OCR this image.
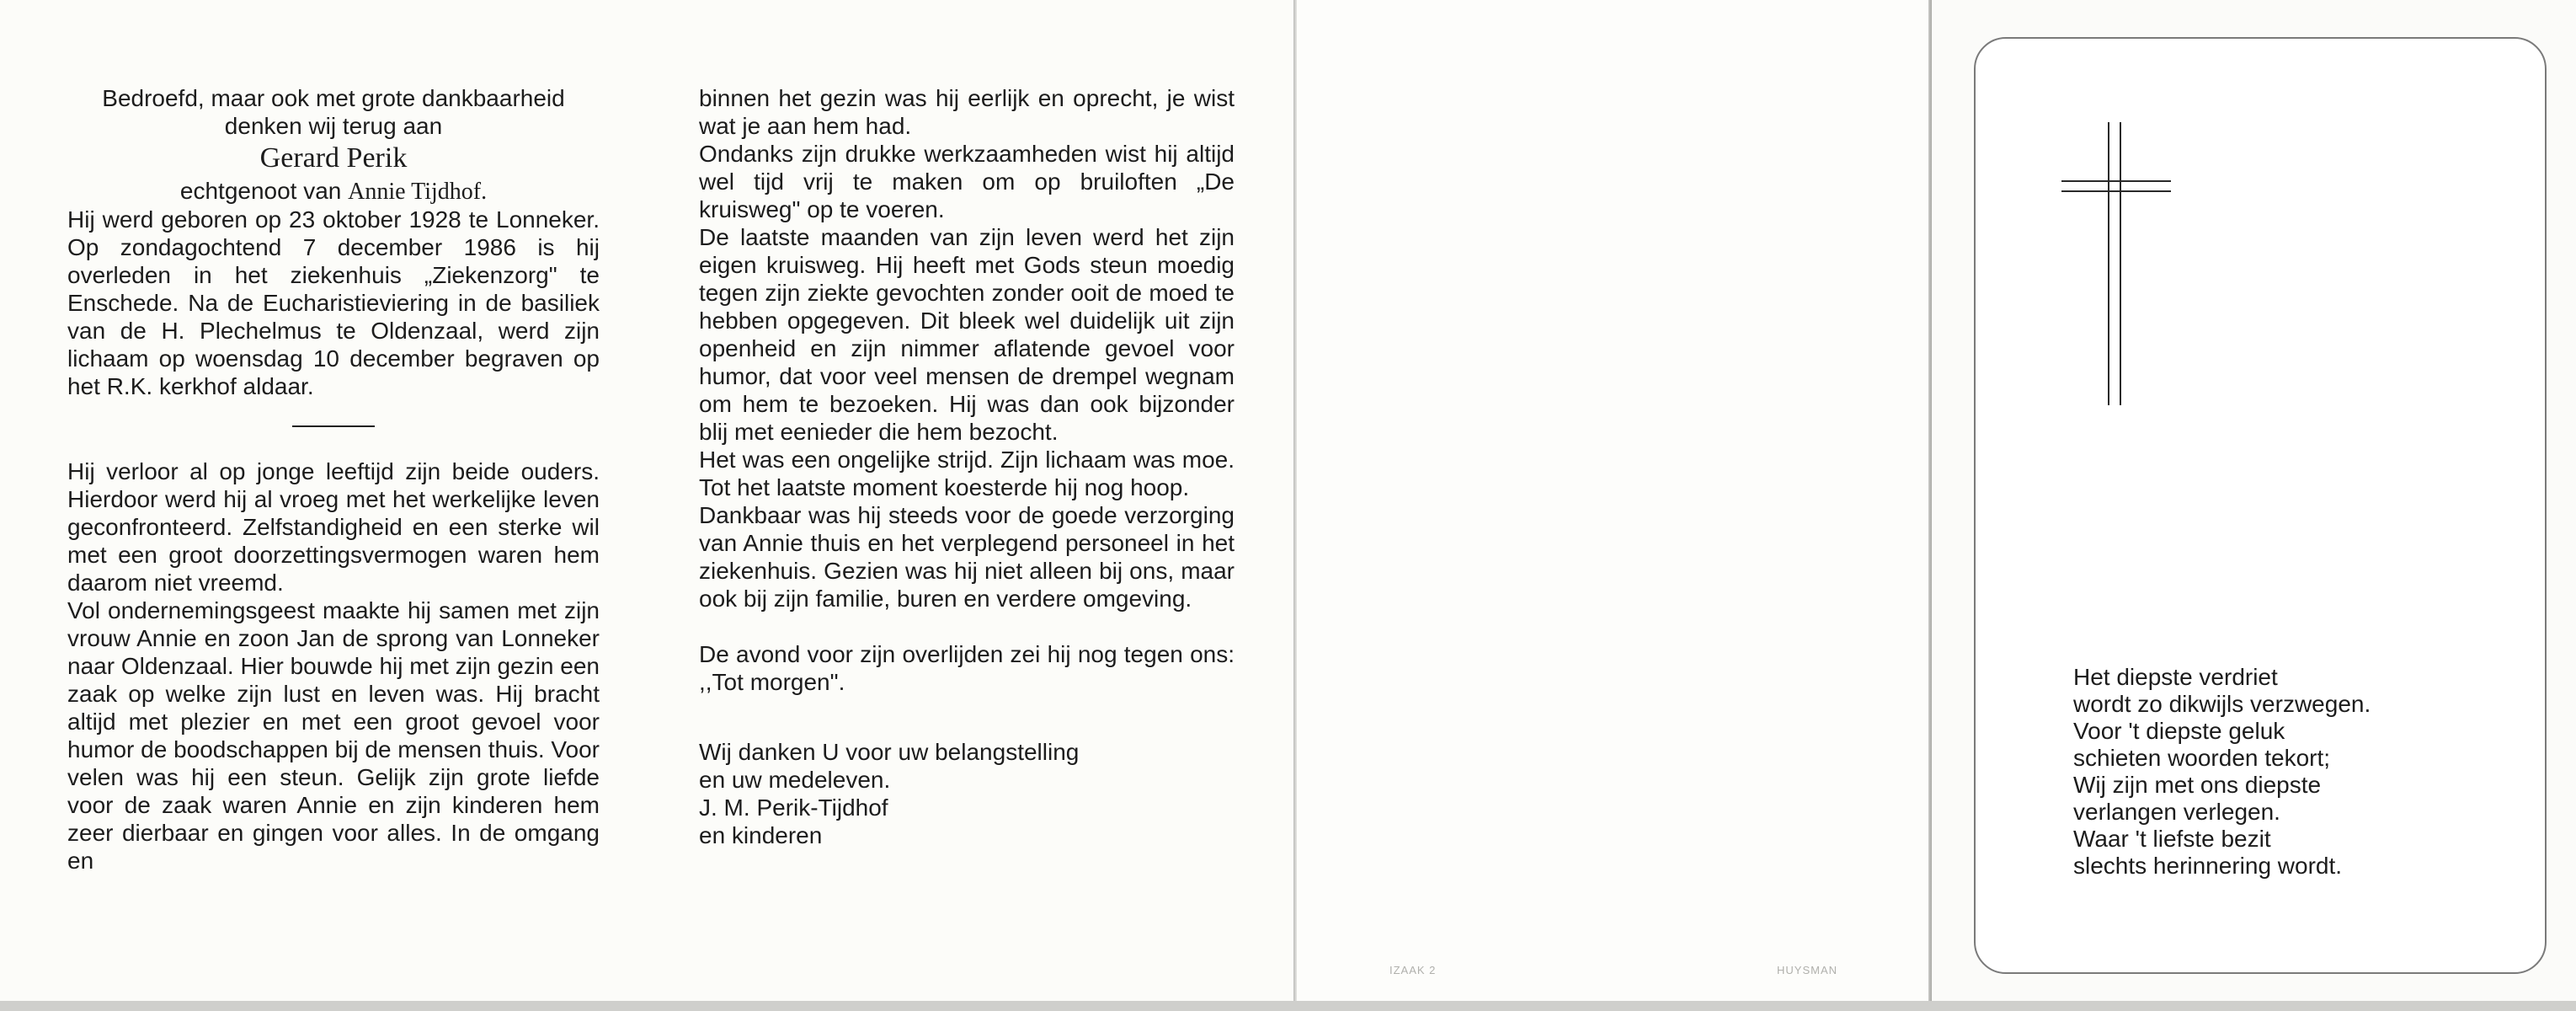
Bedroefd, maar ook met grote dankbaarheid denken wij terug aan

Gerard Perik

echtgenoot van Annie Tijdhof.

Hij werd geboren op 23 oktober 1928 te Lonneker. Op zondagochtend 7 december 1986 is hij overleden in het ziekenhuis „Ziekenzorg" te Enschede. Na de Eucharistieviering in de basiliek van de H. Plechelmus te Oldenzaal, werd zijn lichaam op woensdag 10 december begraven op het R.K. kerkhof aldaar.

Hij verloor al op jonge leeftijd zijn beide ouders. Hierdoor werd hij al vroeg met het werkelijke leven geconfronteerd. Zelfstandigheid en een sterke wil met een groot doorzettingsvermogen waren hem daarom niet vreemd.

Vol ondernemingsgeest maakte hij samen met zijn vrouw Annie en zoon Jan de sprong van Lonneker naar Oldenzaal. Hier bouwde hij met zijn gezin een zaak op welke zijn lust en leven was. Hij bracht altijd met plezier en met een groot gevoel voor humor de boodschappen bij de mensen thuis. Voor velen was hij een steun. Gelijk zijn grote liefde voor de zaak waren Annie en zijn kinderen hem zeer dierbaar en gingen voor alles. In de omgang en

binnen het gezin was hij eerlijk en oprecht, je wist wat je aan hem had.

Ondanks zijn drukke werkzaamheden wist hij altijd wel tijd vrij te maken om op bruiloften „De kruisweg" op te voeren.

De laatste maanden van zijn leven werd het zijn eigen kruisweg. Hij heeft met Gods steun moedig tegen zijn ziekte gevochten zonder ooit de moed te hebben opgegeven. Dit bleek wel duidelijk uit zijn openheid en zijn nimmer aflatende gevoel voor humor, dat voor veel mensen de drempel wegnam om hem te bezoeken. Hij was dan ook bijzonder blij met eenieder die hem bezocht.

Het was een ongelijke strijd. Zijn lichaam was moe. Tot het laatste moment koesterde hij nog hoop.

Dankbaar was hij steeds voor de goede verzorging van Annie thuis en het verplegend personeel in het ziekenhuis. Gezien was hij niet alleen bij ons, maar ook bij zijn familie, buren en verdere omgeving.

De avond voor zijn overlijden zei hij nog tegen ons: ,,Tot morgen".

Wij danken U voor uw belangstelling

en uw medeleven.

J. M. Perik-Tijdhof

en kinderen

IZAAK 2	HUYSMAN
Het diepste verdriet
wordt zo dikwijls verzwegen.
Voor 't diepste geluk
schieten woorden tekort;
Wij zijn met ons diepste
verlangen verlegen.
Waar 't liefste bezit
slechts herinnering wordt.
